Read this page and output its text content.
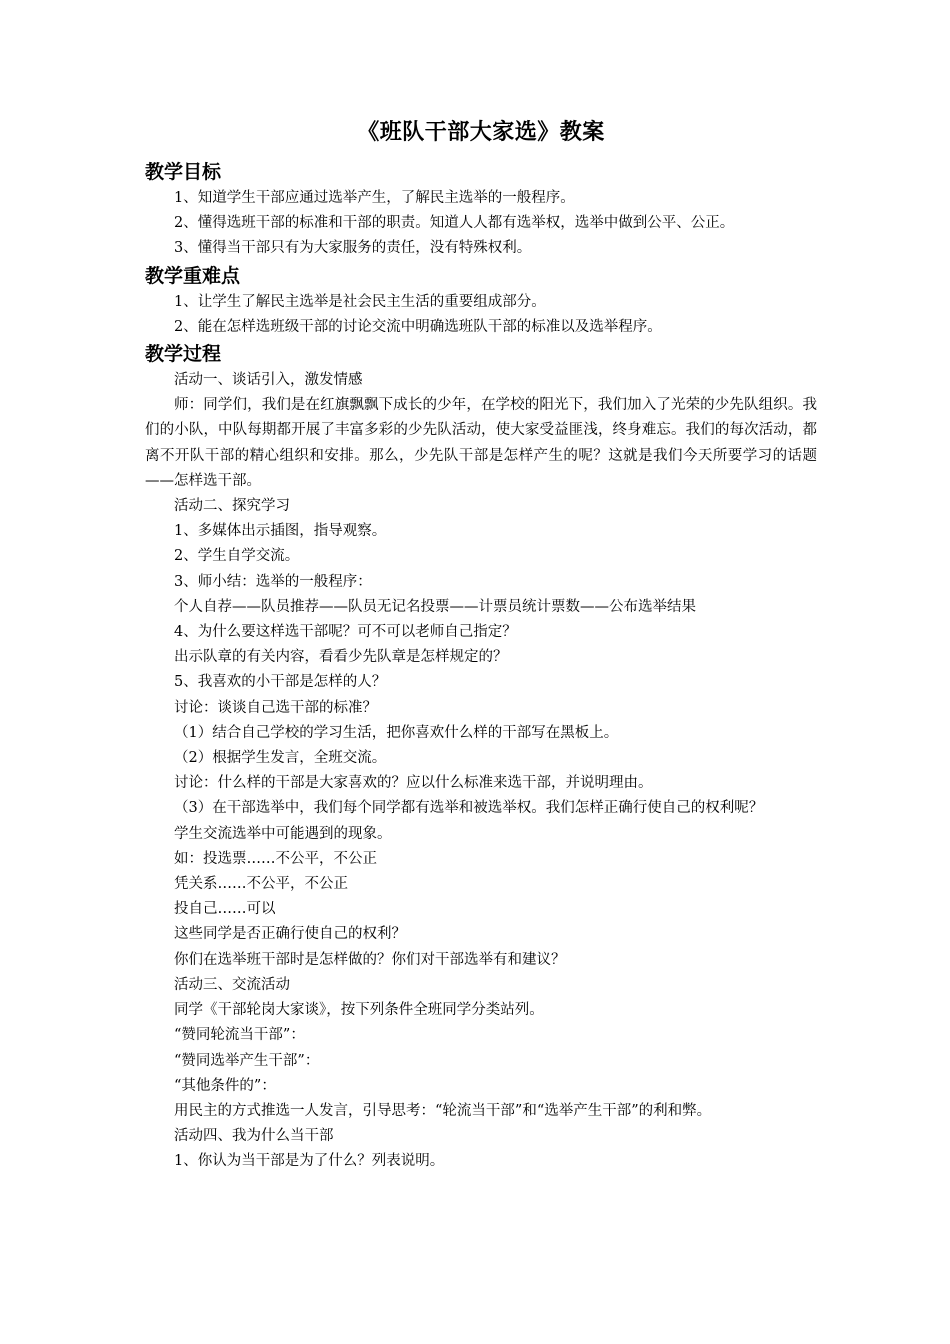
《班队干部大家选》教案
教学目标

1、知道学生干部应通过选举产生，了解民主选举的一般程序。

2、懂得选班干部的标准和干部的职责。知道人人都有选举权，选举中做到公平、公正。

3、懂得当干部只有为大家服务的责任，没有特殊权利。

教学重难点

1、让学生了解民主选举是社会民主生活的重要组成部分。

2、能在怎样选班级干部的讨论交流中明确选班队干部的标准以及选举程序。

教学过程

活动一、谈话引入，激发情感

师：同学们，我们是在红旗飘飘下成长的少年，在学校的阳光下，我们加入了光荣的少先队组织。我们的小队，中队每期都开展了丰富多彩的少先队活动，使大家受益匪浅，终身难忘。我们的每次活动，都离不开队干部的精心组织和安排。那么，少先队干部是怎样产生的呢？这就是我们今天所要学习的话题——怎样选干部。

活动二、探究学习

1、多媒体出示插图，指导观察。

2、学生自学交流。

3、师小结：选举的一般程序：

个人自荐——队员推荐——队员无记名投票——计票员统计票数——公布选举结果

4、为什么要这样选干部呢？可不可以老师自己指定？

出示队章的有关内容，看看少先队章是怎样规定的？

5、我喜欢的小干部是怎样的人？

讨论：谈谈自己选干部的标准？

（1）结合自己学校的学习生活，把你喜欢什么样的干部写在黑板上。

（2）根据学生发言，全班交流。

讨论：什么样的干部是大家喜欢的？应以什么标准来选干部，并说明理由。

（3）在干部选举中，我们每个同学都有选举和被选举权。我们怎样正确行使自己的权利呢？

学生交流选举中可能遇到的现象。

如：投选票……不公平，不公正

凭关系……不公平，不公正

投自己……可以

这些同学是否正确行使自己的权利？

你们在选举班干部时是怎样做的？你们对干部选举有和建议？

活动三、交流活动

同学《干部轮岗大家谈》，按下列条件全班同学分类站列。

“赞同轮流当干部”：

“赞同选举产生干部”：

“其他条件的”：

用民主的方式推选一人发言，引导思考：“轮流当干部”和“选举产生干部”的利和弊。

活动四、我为什么当干部

1、你认为当干部是为了什么？列表说明。
